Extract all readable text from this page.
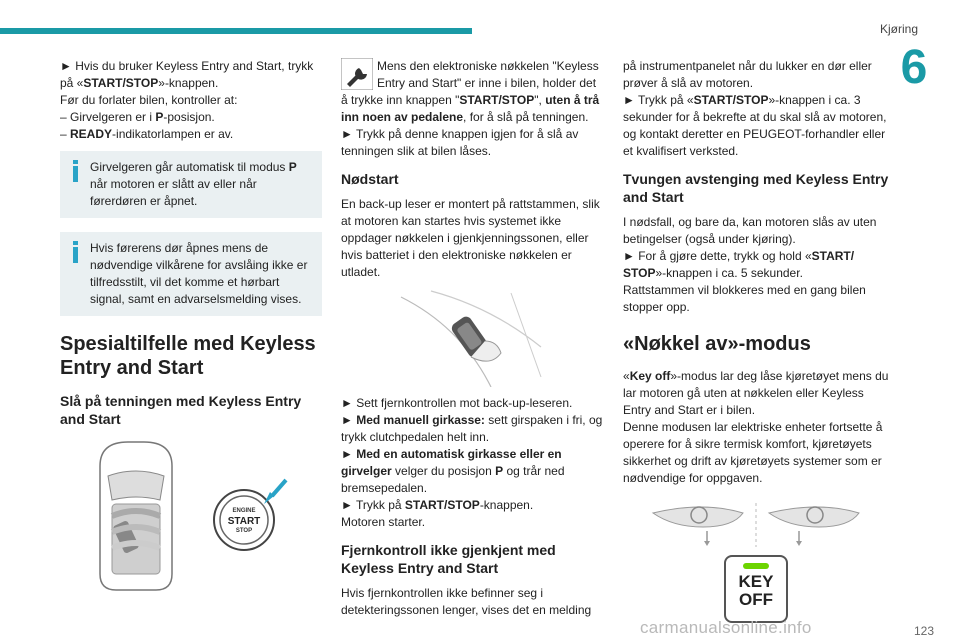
Kjøring
6

► Hvis du bruker Keyless Entry and Start, trykk på «START/STOP»-knappen.
Før du forlater bilen, kontroller at:
– Girvelgeren er i P-posisjon.
– READY-indikatorlampen er av.

Girvelgeren går automatisk til modus P når motoren er slått av eller når førerdøren er åpnet.

Hvis førerens dør åpnes mens de nødvendige vilkårene for avslåing ikke er tilfredsstilt, vil det komme et hørbart signal, samt en advarselsmelding vises.

Spesialtilfelle med Keyless Entry and Start
Slå på tenningen med Keyless Entry and Start
ENGINE
START
STOP

Mens den elektroniske nøkkelen "Keyless Entry and Start" er inne i bilen, holder det å trykke inn knappen "START/STOP", uten å trå inn noen av pedalene, for å slå på tenningen.
► Trykk på denne knappen igjen for å slå av tenningen slik at bilen låses.

Nødstart

En back-up leser er montert på rattstammen, slik at motoren kan startes hvis systemet ikke oppdager nøkkelen i gjenkjenningssonen, eller hvis batteriet i den elektroniske nøkkelen er utladet.

► Sett fjernkontrollen mot back-up-leseren.
► Med manuell girkasse: sett girspaken i fri, og trykk clutchpedalen helt inn.
► Med en automatisk girkasse eller en girvelger velger du posisjon P og trår ned bremsepedalen.
► Trykk på START/STOP-knappen.
Motoren starter.

Fjernkontroll ikke gjenkjent med Keyless Entry and Start

Hvis fjernkontrollen ikke befinner seg i detekteringssonen lenger, vises det en melding

på instrumentpanelet når du lukker en dør eller prøver å slå av motoren.
► Trykk på «START/STOP»-knappen i ca. 3 sekunder for å bekrefte at du skal slå av motoren, og kontakt deretter en PEUGEOT-forhandler eller et kvalifisert verksted.

Tvungen avstenging med Keyless Entry and Start

I nødsfall, og bare da, kan motoren slås av uten betingelser (også under kjøring).
► For å gjøre dette, trykk og hold «START/ STOP»-knappen i ca. 5 sekunder.
Rattstammen vil blokkeres med en gang bilen stopper opp.

«Nøkkel av»-modus

«Key off»-modus lar deg låse kjøretøyet mens du lar motoren gå uten at nøkkelen eller Keyless Entry and Start er i bilen.
Denne modusen lar elektriske enheter fortsette å operere for å sikre termisk komfort, kjøretøyets sikkerhet og drift av kjøretøyets systemer som er nødvendige for oppgaven.

KEY
OFF
carmanualsonline.info	123
